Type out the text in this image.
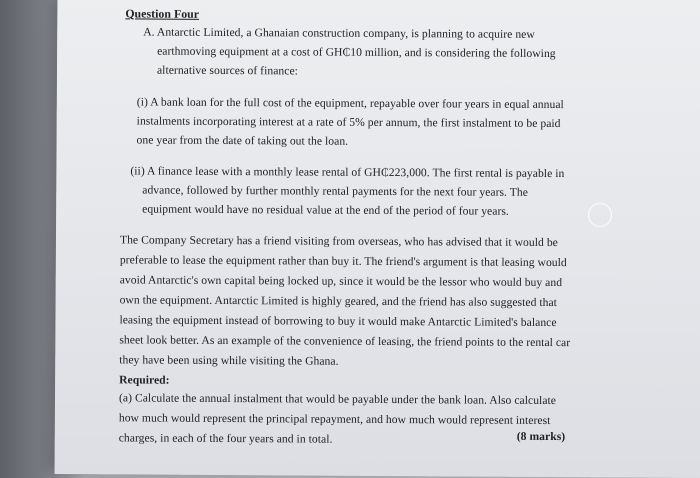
Question Four
A. Antarctic Limited, a Ghanaian construction company, is planning to acquire new
earthmoving equipment at a cost of GH₵10 million, and is considering the following
alternative sources of finance:
(i) A bank loan for the full cost of the equipment, repayable over four years in equal annual
instalments incorporating interest at a rate of 5% per annum, the first instalment to be paid
one year from the date of taking out the loan.
(ii) A finance lease with a monthly lease rental of GH₵223,000. The first rental is payable in
advance, followed by further monthly rental payments for the next four years. The
equipment would have no residual value at the end of the period of four years.
The Company Secretary has a friend visiting from overseas, who has advised that it would be
preferable to lease the equipment rather than buy it. The friend's argument is that leasing would
avoid Antarctic's own capital being locked up, since it would be the lessor who would buy and
own the equipment. Antarctic Limited is highly geared, and the friend has also suggested that
leasing the equipment instead of borrowing to buy it would make Antarctic Limited's balance
sheet look better. As an example of the convenience of leasing, the friend points to the rental car
they have been using while visiting the Ghana.
Required:
(a) Calculate the annual instalment that would be payable under the bank loan. Also calculate
how much would represent the principal repayment, and how much would represent interest
charges, in each of the four years and in total.	(8 marks)
